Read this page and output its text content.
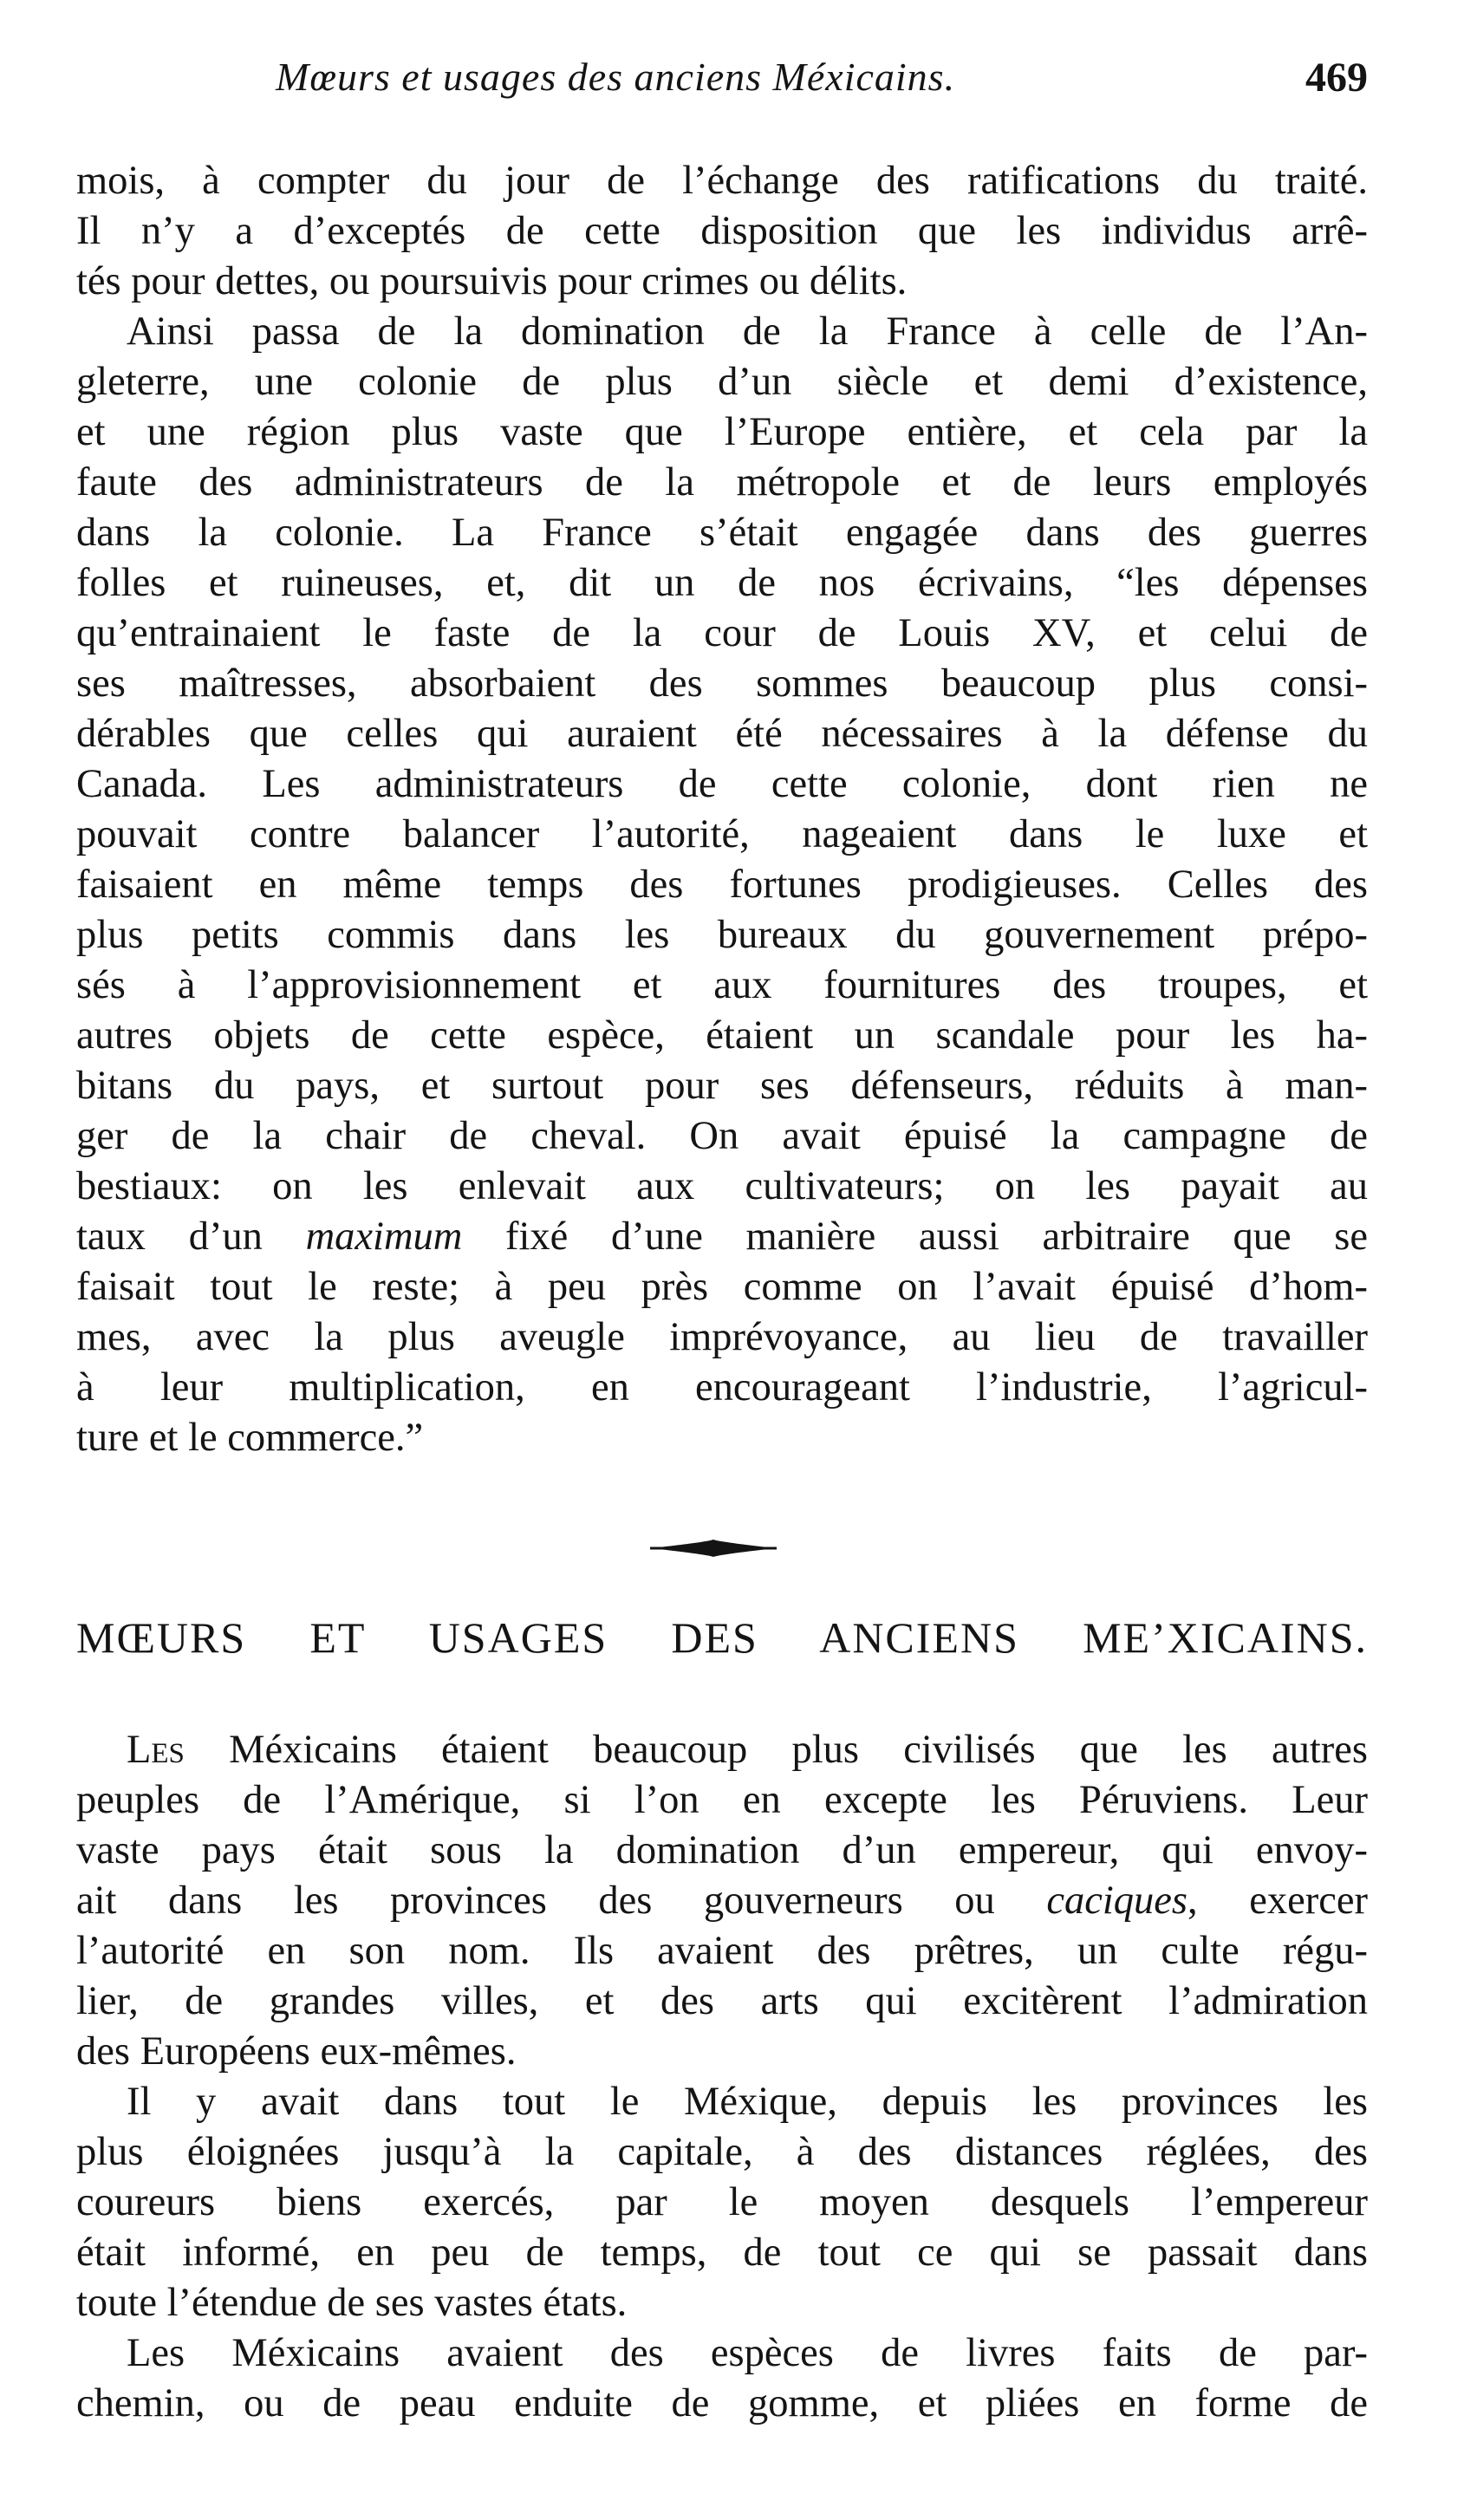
Mœurs et usages des anciens Méxicains.	469
mois, à compter du jour de l’échange des ratifications du traité.
Il n’y a d’exceptés de cette disposition que les individus arrê-
tés pour dettes, ou poursuivis pour crimes ou délits.
Ainsi passa de la domination de la France à celle de l’An-
gleterre, une colonie de plus d’un siècle et demi d’existence,
et une région plus vaste que l’Europe entière, et cela par la
faute des administrateurs de la métropole et de leurs employés
dans la colonie. La France s’était engagée dans des guerres
folles et ruineuses, et, dit un de nos écrivains, “les dépenses
qu’entrainaient le faste de la cour de Louis XV, et celui de
ses maîtresses, absorbaient des sommes beaucoup plus consi-
dérables que celles qui auraient été nécessaires à la défense du
Canada. Les administrateurs de cette colonie, dont rien ne
pouvait contre balancer l’autorité, nageaient dans le luxe et
faisaient en même temps des fortunes prodigieuses. Celles des
plus petits commis dans les bureaux du gouvernement prépo-
sés à l’approvisionnement et aux fournitures des troupes, et
autres objets de cette espèce, étaient un scandale pour les ha-
bitans du pays, et surtout pour ses défenseurs, réduits à man-
ger de la chair de cheval. On avait épuisé la campagne de
bestiaux: on les enlevait aux cultivateurs; on les payait au
taux d’un maximum fixé d’une manière aussi arbitraire que se
faisait tout le reste; à peu près comme on l’avait épuisé d’hom-
mes, avec la plus aveugle imprévoyance, au lieu de travailler
à leur multiplication, en encourageant l’industrie, l’agricul-
ture et le commerce.”
MŒURS ET USAGES DES ANCIENS ME’XICAINS.
Les Méxicains étaient beaucoup plus civilisés que les autres
peuples de l’Amérique, si l’on en excepte les Péruviens. Leur
vaste pays était sous la domination d’un empereur, qui envoy-
ait dans les provinces des gouverneurs ou caciques, exercer
l’autorité en son nom. Ils avaient des prêtres, un culte régu-
lier, de grandes villes, et des arts qui excitèrent l’admiration
des Européens eux-mêmes.
Il y avait dans tout le Méxique, depuis les provinces les
plus éloignées jusqu’à la capitale, à des distances réglées, des
coureurs biens exercés, par le moyen desquels l’empereur
était informé, en peu de temps, de tout ce qui se passait dans
toute l’étendue de ses vastes états.
Les Méxicains avaient des espèces de livres faits de par-
chemin, ou de peau enduite de gomme, et pliées en forme de
